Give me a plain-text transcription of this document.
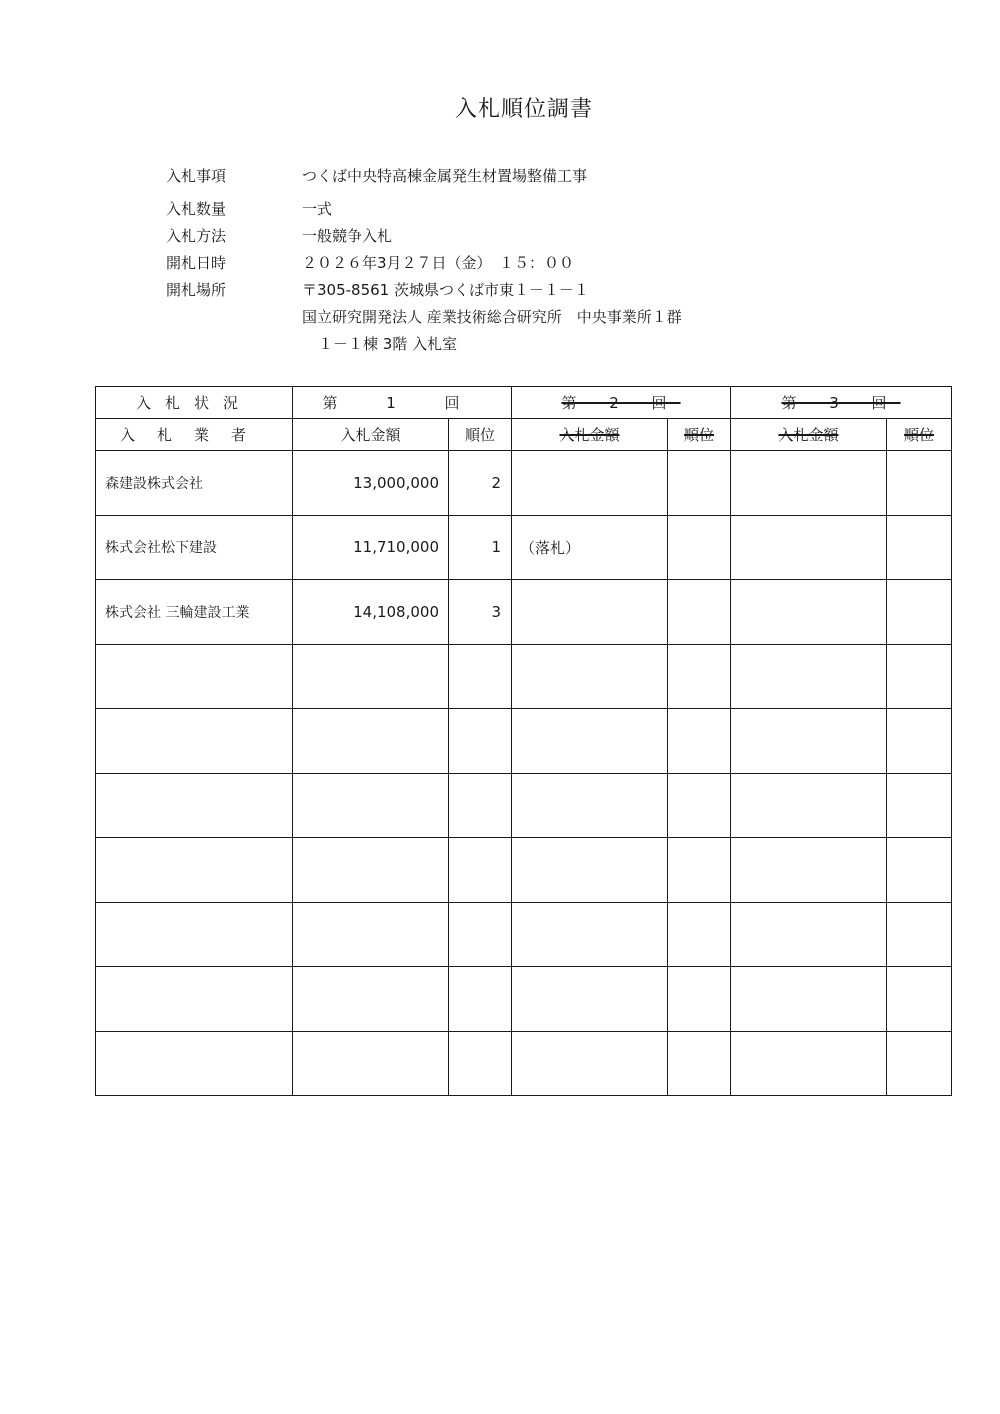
入札順位調書
入札事項	つくば中央特高棟金属発生材置場整備工事
入札数量	一式
入札方法	一般競争入札
開札日時	２０２６年3月２７日（金）　１５：００
開札場所	〒305-8561 茨城県つくば市東１－１－１
国立研究開発法人 産業技術総合研究所　中央事業所１群
１－１棟 3階 入札室
入札状況	第 1 回		第 2 回		第 3 回	
入札業者	入札金額	順位	入札金額	順位	入札金額	順位
森建設株式会社	13,000,000	2				
株式会社松下建設	11,710,000	1	（落札）			
株式会社 三輪建設工業	14,108,000	3				
